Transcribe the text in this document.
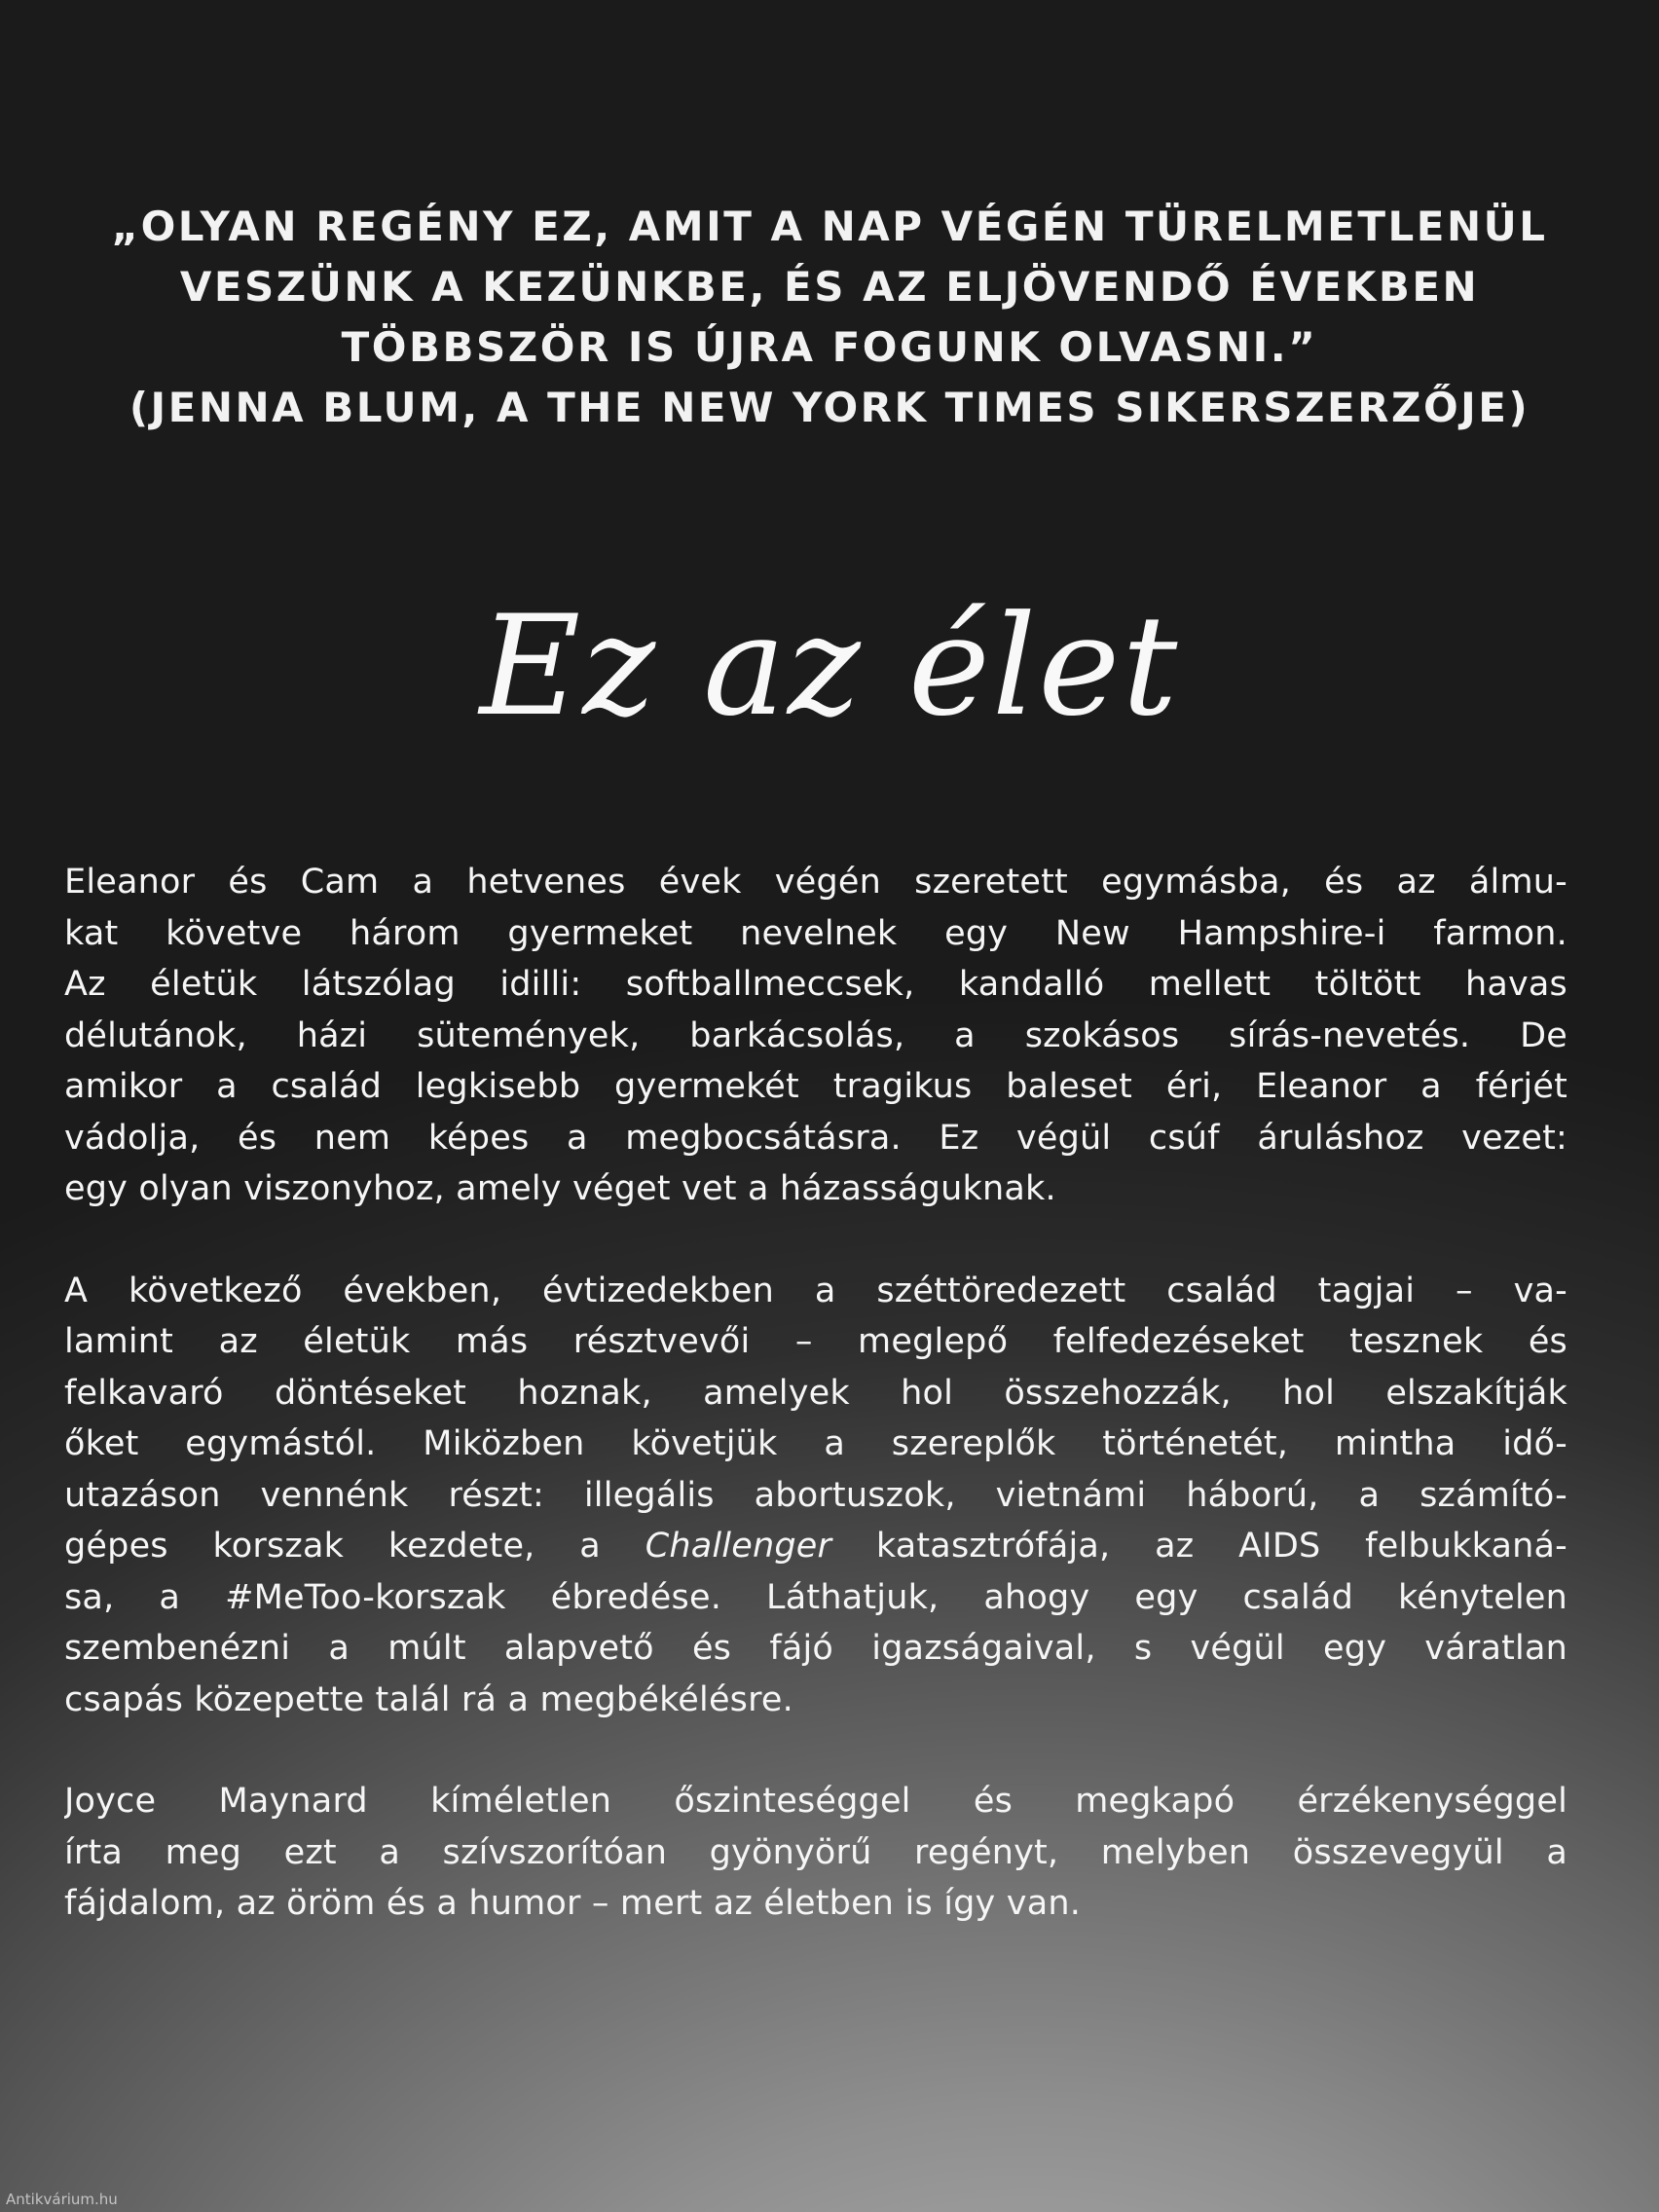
„OLYAN REGÉNY EZ, AMIT A NAP VÉGÉN TÜRELMETLENÜL
VESZÜNK A KEZÜNKBE, ÉS AZ ELJÖVENDŐ ÉVEKBEN
TÖBBSZÖR IS ÚJRA FOGUNK OLVASNI.”
(JENNA BLUM, A THE NEW YORK TIMES SIKERSZERZŐJE)
Ez az élet
Eleanor és Cam a hetvenes évek végén szeretett egymásba, és az álmu-
kat követve három gyermeket nevelnek egy New Hampshire-i farmon.
Az életük látszólag idilli: softballmeccsek, kandalló mellett töltött havas
délutánok, házi sütemények, barkácsolás, a szokásos sírás-nevetés. De
amikor a család legkisebb gyermekét tragikus baleset éri, Eleanor a férjét
vádolja, és nem képes a megbocsátásra. Ez végül csúf áruláshoz vezet:
egy olyan viszonyhoz, amely véget vet a házasságuknak.
A következő években, évtizedekben a széttöredezett család tagjai – va-
lamint az életük más résztvevői – meglepő felfedezéseket tesznek és
felkavaró döntéseket hoznak, amelyek hol összehozzák, hol elszakítják
őket egymástól. Miközben követjük a szereplők történetét, mintha idő-
utazáson vennénk részt: illegális abortuszok, vietnámi háború, a számító-
gépes korszak kezdete, a Challenger katasztrófája, az AIDS felbukkaná-
sa, a #MeToo-korszak ébredése. Láthatjuk, ahogy egy család kénytelen
szembenézni a múlt alapvető és fájó igazságaival, s végül egy váratlan
csapás közepette talál rá a megbékélésre.
Joyce Maynard kíméletlen őszinteséggel és megkapó érzékenységgel
írta meg ezt a szívszorítóan gyönyörű regényt, melyben összevegyül a
fájdalom, az öröm és a humor – mert az életben is így van.
Antikvárium.hu
